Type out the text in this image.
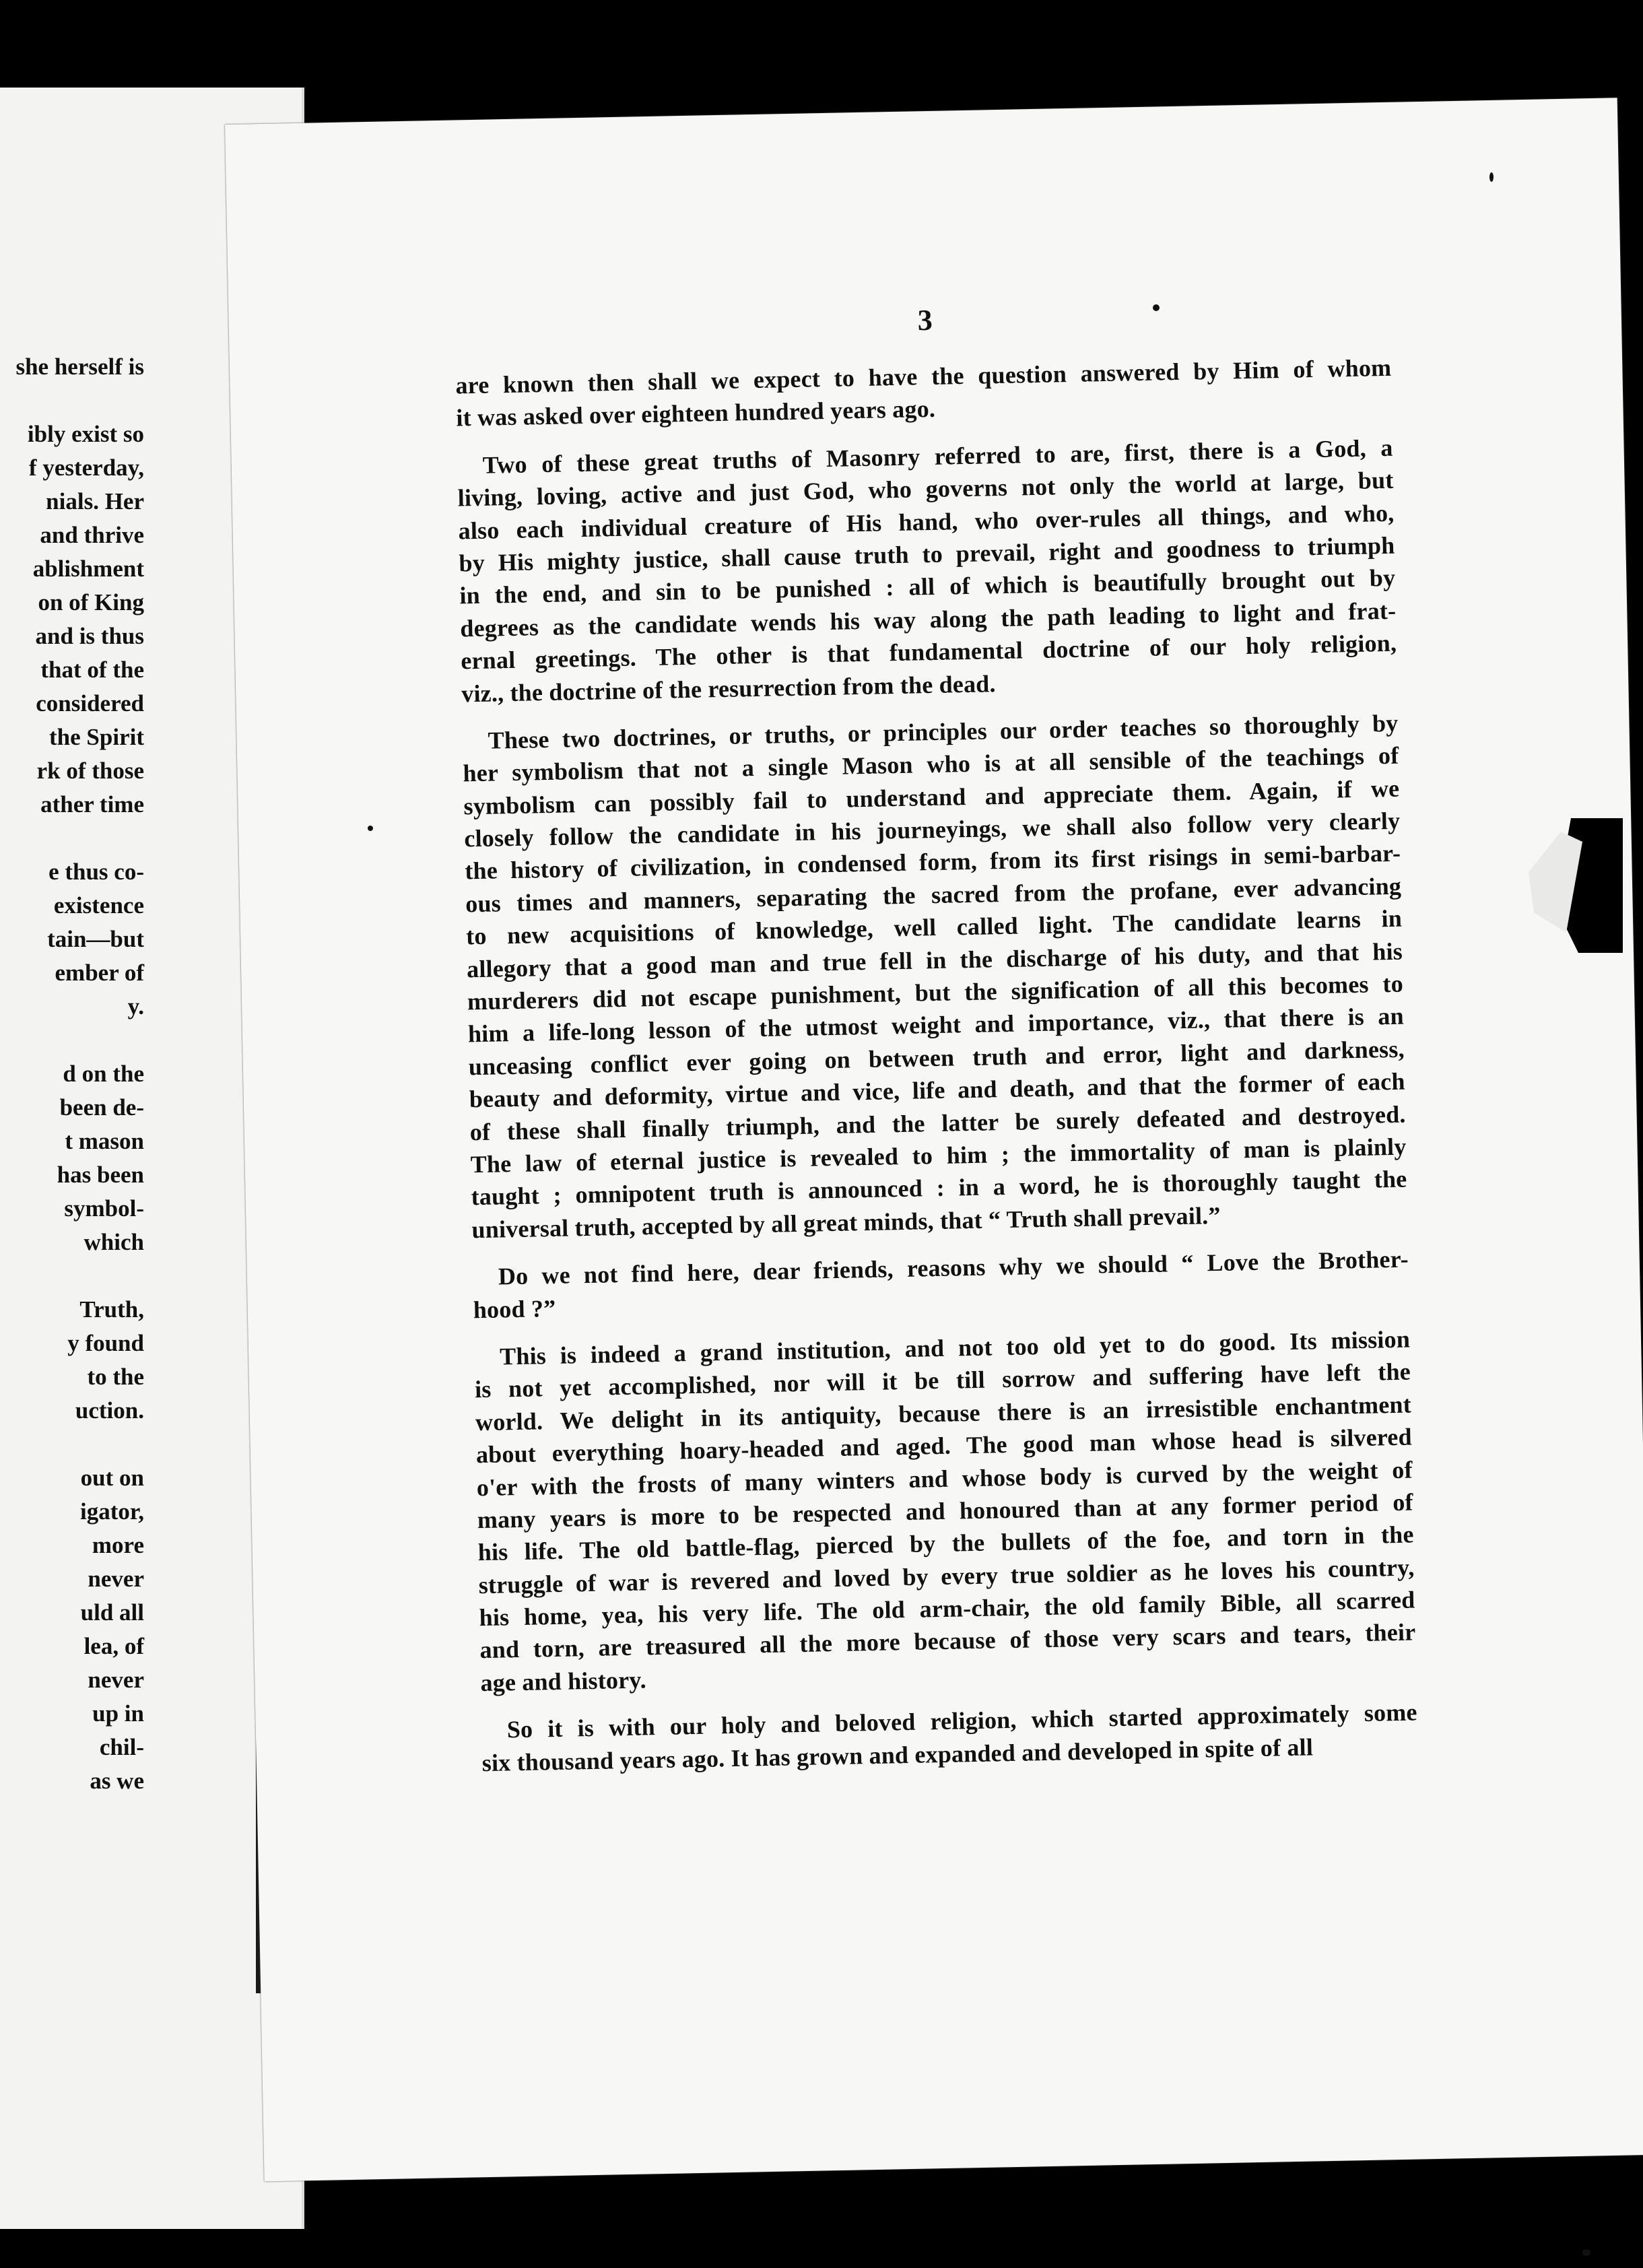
she herself is
ibly exist so
f yesterday,
nials. Her
and thrive
ablishment
on of King
and is thus
that of the
considered
the Spirit
rk of those
ather time
e thus co-
existence
tain—but
ember of
y.
d on the
been de-
t mason
has been
symbol-
which
Truth,
y found
to the
uction.
out on
igator,
more
never
uld all
lea, of
never
up in
chil-
as we
3
are known then shall we expect to have the question answered by Him of whom
it was asked over eighteen hundred years ago.
Two of these great truths of Masonry referred to are, first, there is a God, a
living, loving, active and just God, who governs not only the world at large, but
also each individual creature of His hand, who over-rules all things, and who,
by His mighty justice, shall cause truth to prevail, right and goodness to triumph
in the end, and sin to be punished : all of which is beautifully brought out by
degrees as the candidate wends his way along the path leading to light and frat-
ernal greetings. The other is that fundamental doctrine of our holy religion,
viz., the doctrine of the resurrection from the dead.
These two doctrines, or truths, or principles our order teaches so thoroughly by
her symbolism that not a single Mason who is at all sensible of the teachings of
symbolism can possibly fail to understand and appreciate them. Again, if we
closely follow the candidate in his journeyings, we shall also follow very clearly
the history of civilization, in condensed form, from its first risings in semi-barbar-
ous times and manners, separating the sacred from the profane, ever advancing
to new acquisitions of knowledge, well called light. The candidate learns in
allegory that a good man and true fell in the discharge of his duty, and that his
murderers did not escape punishment, but the signification of all this becomes to
him a life-long lesson of the utmost weight and importance, viz., that there is an
unceasing conflict ever going on between truth and error, light and darkness,
beauty and deformity, virtue and vice, life and death, and that the former of each
of these shall finally triumph, and the latter be surely defeated and destroyed.
The law of eternal justice is revealed to him ; the immortality of man is plainly
taught ; omnipotent truth is announced : in a word, he is thoroughly taught the
universal truth, accepted by all great minds, that “ Truth shall prevail.”
Do we not find here, dear friends, reasons why we should “ Love the Brother-
hood ?”
This is indeed a grand institution, and not too old yet to do good. Its mission
is not yet accomplished, nor will it be till sorrow and suffering have left the
world. We delight in its antiquity, because there is an irresistible enchantment
about everything hoary-headed and aged. The good man whose head is silvered
o'er with the frosts of many winters and whose body is curved by the weight of
many years is more to be respected and honoured than at any former period of
his life. The old battle-flag, pierced by the bullets of the foe, and torn in the
struggle of war is revered and loved by every true soldier as he loves his country,
his home, yea, his very life. The old arm-chair, the old family Bible, all scarred
and torn, are treasured all the more because of those very scars and tears, their
age and history.
So it is with our holy and beloved religion, which started approximately some
six thousand years ago. It has grown and expanded and developed in spite of all
